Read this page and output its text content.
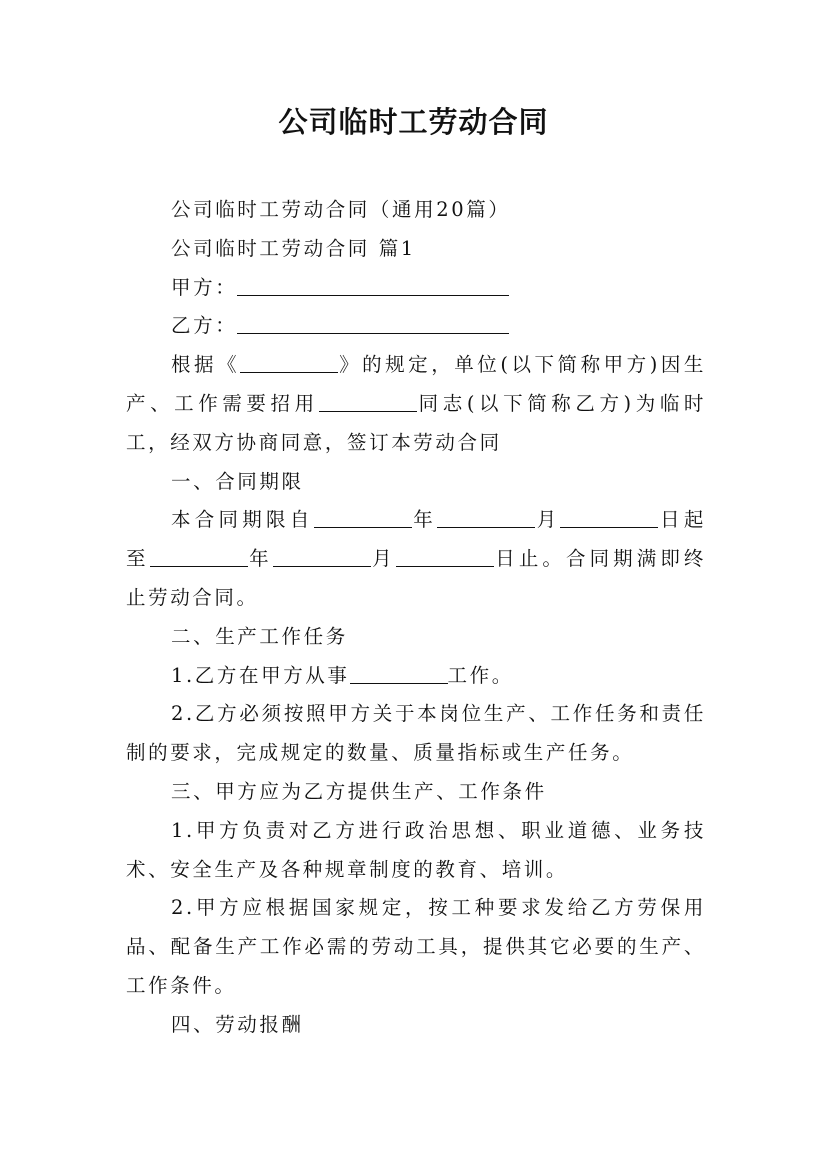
公司临时工劳动合同

公司临时工劳动合同（通用20篇）

公司临时工劳动合同 篇1

甲方：

乙方：

根据《	》的规定，单位(以下简称甲方)因生产、工作需要招用	同志(以下简称乙方)为临时工，经双方协商同意，签订本劳动合同

一、合同期限

本合同期限自	年	月	日起至	年	月	日止。合同期满即终止劳动合同。

二、生产工作任务

1.乙方在甲方从事	工作。

2.乙方必须按照甲方关于本岗位生产、工作任务和责任制的要求，完成规定的数量、质量指标或生产任务。

三、甲方应为乙方提供生产、工作条件

1.甲方负责对乙方进行政治思想、职业道德、业务技术、安全生产及各种规章制度的教育、培训。

2.甲方应根据国家规定，按工种要求发给乙方劳保用品、配备生产工作必需的劳动工具，提供其它必要的生产、工作条件。

四、劳动报酬
